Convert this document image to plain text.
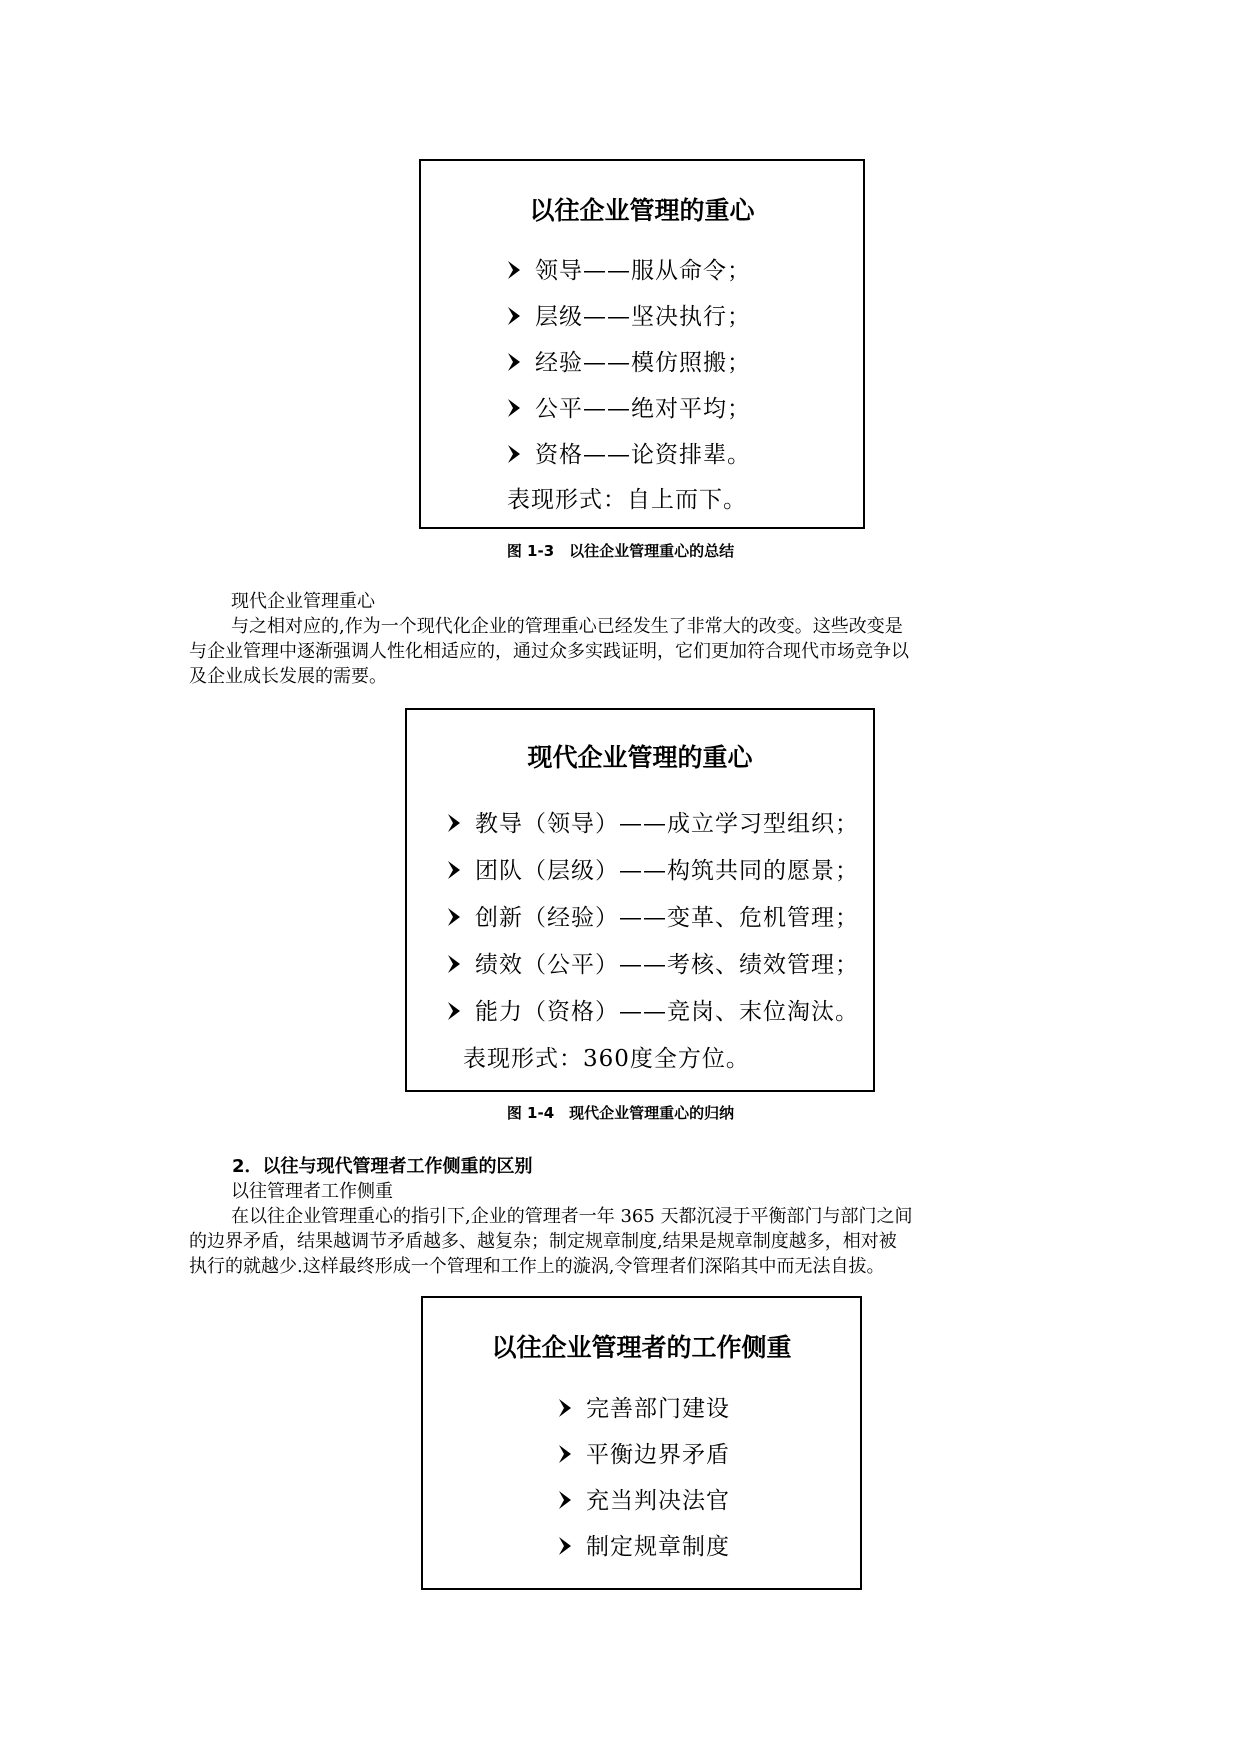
以往企业管理的重心
领导——服从命令；
层级——坚决执行；
经验——模仿照搬；
公平——绝对平均；
资格——论资排辈。
表现形式：自上而下。
图 1-3　以往企业管理重心的总结
现代企业管理重心
与之相对应的,作为一个现代化企业的管理重心已经发生了非常大的改变。这些改变是
与企业管理中逐渐强调人性化相适应的，通过众多实践证明，它们更加符合现代市场竞争以
及企业成长发展的需要。
现代企业管理的重心
教导（领导）——成立学习型组织；
团队（层级）——构筑共同的愿景；
创新（经验）——变革、危机管理；
绩效（公平）——考核、绩效管理；
能力（资格）——竞岗、末位淘汰。
表现形式：360度全方位。
图 1-4　现代企业管理重心的归纳
2．以往与现代管理者工作侧重的区别
以往管理者工作侧重
在以往企业管理重心的指引下,企业的管理者一年 365 天都沉浸于平衡部门与部门之间
的边界矛盾，结果越调节矛盾越多、越复杂；制定规章制度,结果是规章制度越多，相对被
执行的就越少.这样最终形成一个管理和工作上的漩涡,令管理者们深陷其中而无法自拔。
以往企业管理者的工作侧重
完善部门建设
平衡边界矛盾
充当判决法官
制定规章制度
